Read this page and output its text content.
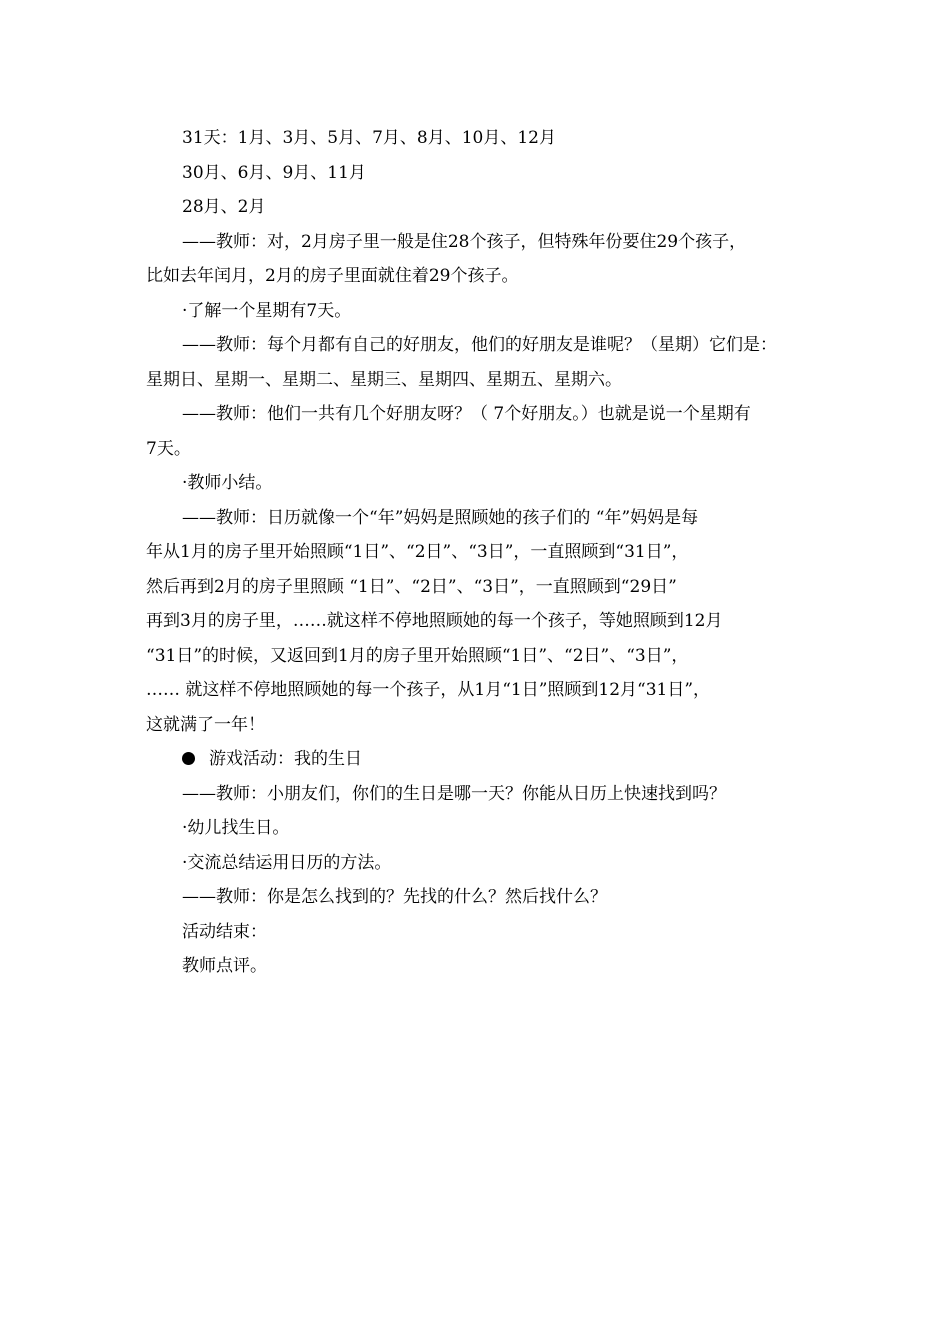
31天：1月、3月、5月、7月、8月、10月、12月
30月、6月、9月、11月
28月、2月
——教师：对，2月房子里一般是住28个孩子，但特殊年份要住29个孩子，
比如去年闰月，2月的房子里面就住着29个孩子。
·了解一个星期有7天。
——教师：每个月都有自己的好朋友，他们的好朋友是谁呢？（星期）它们是：
星期日、星期一、星期二、星期三、星期四、星期五、星期六。
——教师：他们一共有几个好朋友呀？（ 7个好朋友。）也就是说一个星期有
7天。
·教师小结。
——教师：日历就像一个“年”妈妈是照顾她的孩子们的 “年”妈妈是每
年从1月的房子里开始照顾“1日”、“2日”、“3日”，一直照顾到“31日”，
然后再到2月的房子里照顾 “1日”、“2日”、“3日”，一直照顾到“29日”
再到3月的房子里，……就这样不停地照顾她的每一个孩子，等她照顾到12月
“31日”的时候，又返回到1月的房子里开始照顾“1日”、“2日”、“3日”，
…… 就这样不停地照顾她的每一个孩子，从1月“1日”照顾到12月“31日”，
这就满了一年！
游戏活动：我的生日
——教师：小朋友们，你们的生日是哪一天？你能从日历上快速找到吗？
·幼儿找生日。
·交流总结运用日历的方法。
——教师：你是怎么找到的？先找的什么？然后找什么？
活动结束：
教师点评。
